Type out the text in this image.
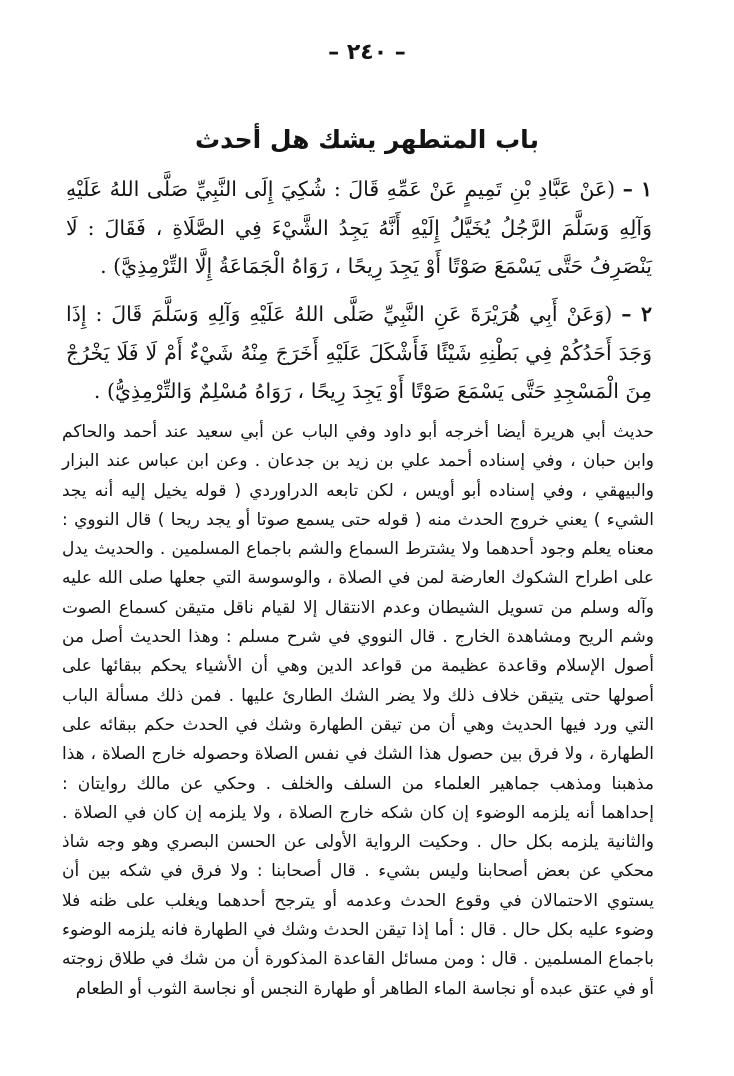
– ٢٤٠ –
باب المتطهر يشك هل أحدث
١ – (عَنْ عَبَّادِ بْنِ تَمِيمٍ عَنْ عَمِّهِ قَالَ : شُكِيَ إِلَى النَّبِيِّ صَلَّى اللهُ عَلَيْهِ وَآلِهِ وَسَلَّمَ الرَّجُلُ يُخَيَّلُ إِلَيْهِ أَنَّهُ يَجِدُ الشَّيْءَ فِي الصَّلَاةِ ، فَقَالَ : لَا يَنْصَرِفُ حَتَّى يَسْمَعَ صَوْتًا أَوْ يَجِدَ رِيحًا ، رَوَاهُ الْجَمَاعَةُ إِلَّا التِّرْمِذِيَّ) .
٢ – (وَعَنْ أَبِي هُرَيْرَةَ عَنِ النَّبِيِّ صَلَّى اللهُ عَلَيْهِ وَآلِهِ وَسَلَّمَ قَالَ : إِذَا وَجَدَ أَحَدُكُمْ فِي بَطْنِهِ شَيْئًا فَأَشْكَلَ عَلَيْهِ أَخَرَجَ مِنْهُ شَيْءٌ أَمْ لَا فَلَا يَخْرُجْ مِنَ الْمَسْجِدِ حَتَّى يَسْمَعَ صَوْتًا أَوْ يَجِدَ رِيحًا ، رَوَاهُ مُسْلِمٌ وَالتِّرْمِذِيُّ) .
حديث أبي هريرة أيضا أخرجه أبو داود وفي الباب عن أبي سعيد عند أحمد والحاكم وابن حبان ، وفي إسناده أحمد علي بن زيد بن جدعان . وعن ابن عباس عند البزار والبيهقي ، وفي إسناده أبو أويس ، لكن تابعه الدراوردي ( قوله يخيل إليه أنه يجد الشيء ) يعني خروج الحدث منه ( قوله حتى يسمع صوتا أو يجد ريحا ) قال النووي : معناه يعلم وجود أحدهما ولا يشترط السماع والشم باجماع المسلمين . والحديث يدل على اطراح الشكوك العارضة لمن في الصلاة ، والوسوسة التي جعلها صلى الله عليه وآله وسلم من تسويل الشيطان وعدم الانتقال إلا لقيام ناقل متيقن كسماع الصوت وشم الريح ومشاهدة الخارج . قال النووي في شرح مسلم : وهذا الحديث أصل من أصول الإسلام وقاعدة عظيمة من قواعد الدين وهي أن الأشياء يحكم ببقائها على أصولها حتى يتيقن خلاف ذلك ولا يضر الشك الطارئ عليها . فمن ذلك مسألة الباب التي ورد فيها الحديث وهي أن من تيقن الطهارة وشك في الحدث حكم ببقائه على الطهارة ، ولا فرق بين حصول هذا الشك في نفس الصلاة وحصوله خارج الصلاة ، هذا مذهبنا ومذهب جماهير العلماء من السلف والخلف . وحكي عن مالك روايتان : إحداهما أنه يلزمه الوضوء إن كان شكه خارج الصلاة ، ولا يلزمه إن كان في الصلاة . والثانية يلزمه بكل حال . وحكيت الرواية الأولى عن الحسن البصري وهو وجه شاذ محكي عن بعض أصحابنا وليس بشيء . قال أصحابنا : ولا فرق في شكه بين أن يستوي الاحتمالان في وقوع الحدث وعدمه أو يترجح أحدهما ويغلب على ظنه فلا وضوء عليه بكل حال . قال : أما إذا تيقن الحدث وشك في الطهارة فانه يلزمه الوضوء باجماع المسلمين . قال : ومن مسائل القاعدة المذكورة أن من شك في طلاق زوجته أو في عتق عبده أو نجاسة الماء الطاهر أو طهارة النجس أو نجاسة الثوب أو الطعام
